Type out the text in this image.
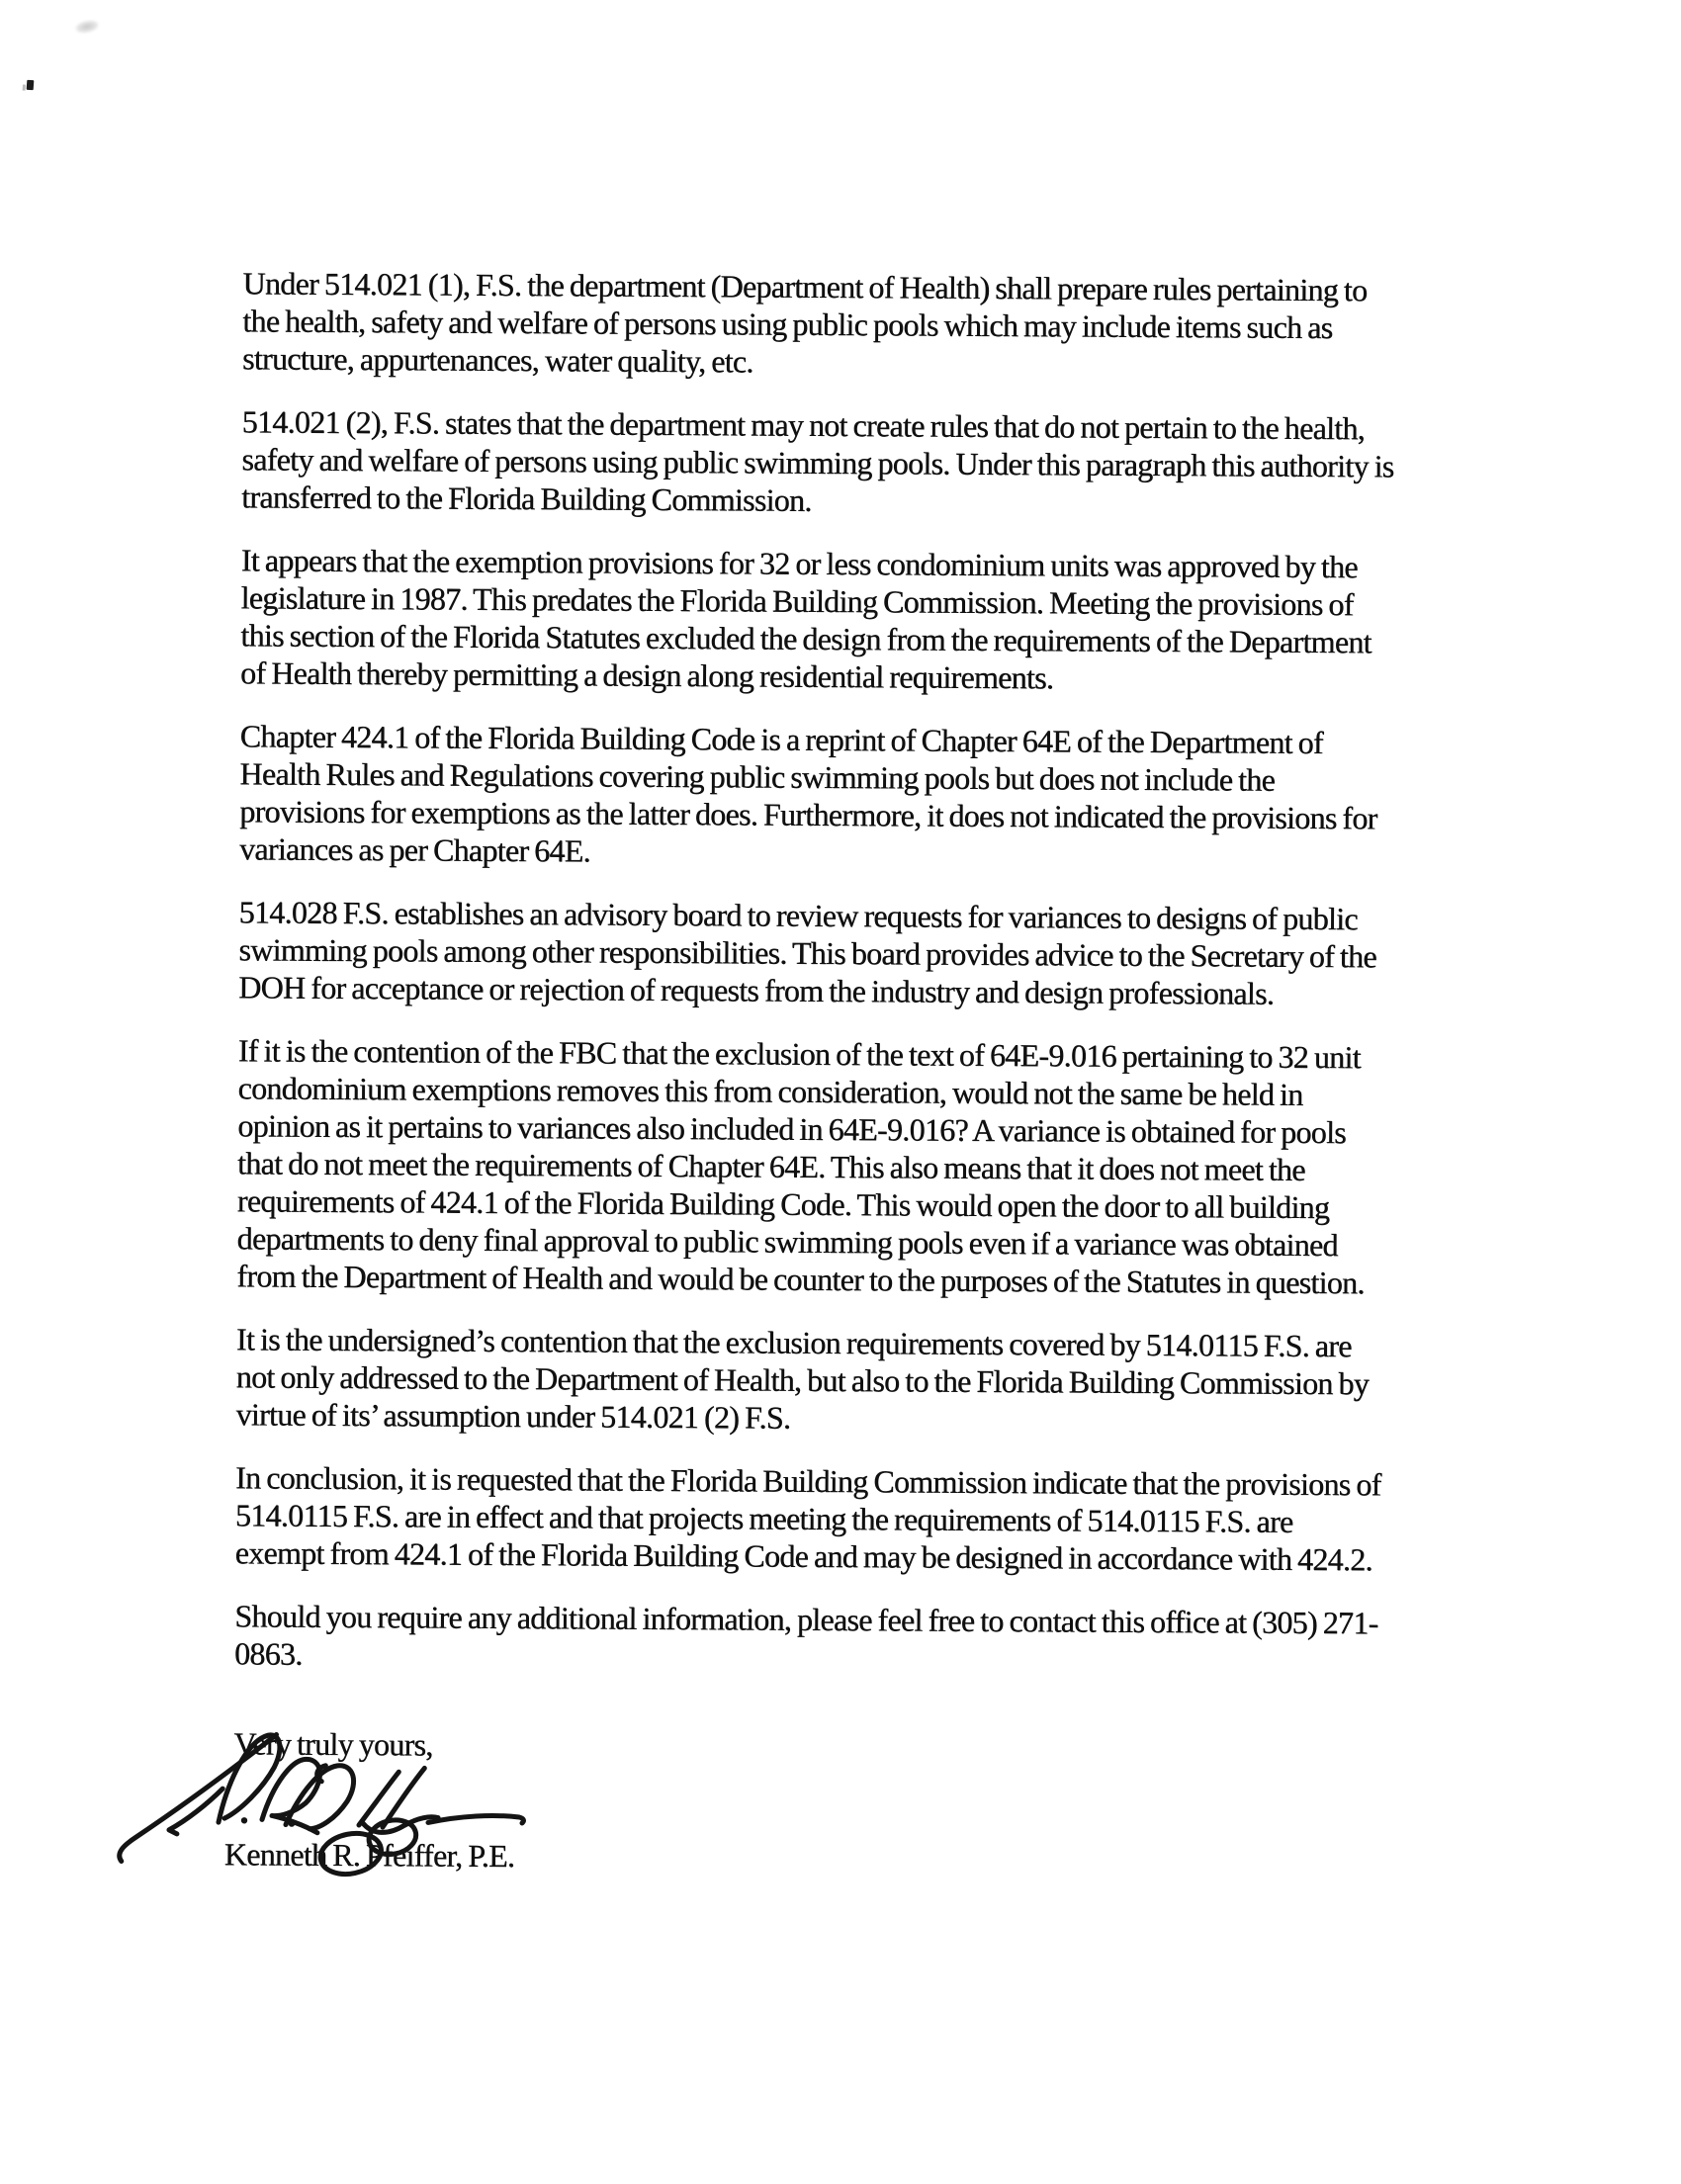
Under 514.021 (1), F.S. the department (Department of Health) shall prepare rules pertaining to
the health, safety and welfare of persons using public pools which may include items such as
structure, appurtenances, water quality, etc.

514.021 (2), F.S. states that the department may not create rules that do not pertain to the health,
safety and welfare of persons using public swimming pools. Under this paragraph this authority is
transferred to the Florida Building Commission.

It appears that the exemption provisions for 32 or less condominium units was approved by the
legislature in 1987. This predates the Florida Building Commission. Meeting the provisions of
this section of the Florida Statutes excluded the design from the requirements of the Department
of Health thereby permitting a design along residential requirements.

Chapter 424.1 of the Florida Building Code is a reprint of Chapter 64E of the Department of
Health Rules and Regulations covering public swimming pools but does not include the
provisions for exemptions as the latter does. Furthermore, it does not indicated the provisions for
variances as per Chapter 64E.

514.028 F.S. establishes an advisory board to review requests for variances to designs of public
swimming pools among other responsibilities. This board provides advice to the Secretary of the
DOH for acceptance or rejection of requests from the industry and design professionals.

If it is the contention of the FBC that the exclusion of the text of 64E-9.016 pertaining to 32 unit
condominium exemptions removes this from consideration, would not the same be held in
opinion as it pertains to variances also included in 64E-9.016? A variance is obtained for pools
that do not meet the requirements of Chapter 64E. This also means that it does not meet the
requirements of 424.1 of the Florida Building Code. This would open the door to all building
departments to deny final approval to public swimming pools even if a variance was obtained
from the Department of Health and would be counter to the purposes of the Statutes in question.

It is the undersigned’s contention that the exclusion requirements covered by 514.0115 F.S. are
not only addressed to the Department of Health, but also to the Florida Building Commission by
virtue of its’ assumption under 514.021 (2) F.S.

In conclusion, it is requested that the Florida Building Commission indicate that the provisions of
514.0115 F.S. are in effect and that projects meeting the requirements of 514.0115 F.S. are
exempt from 424.1 of the Florida Building Code and may be designed in accordance with 424.2.

Should you require any additional information, please feel free to contact this office at (305) 271-
0863.

Very truly yours,
Kenneth R. Pfeiffer, P.E.
